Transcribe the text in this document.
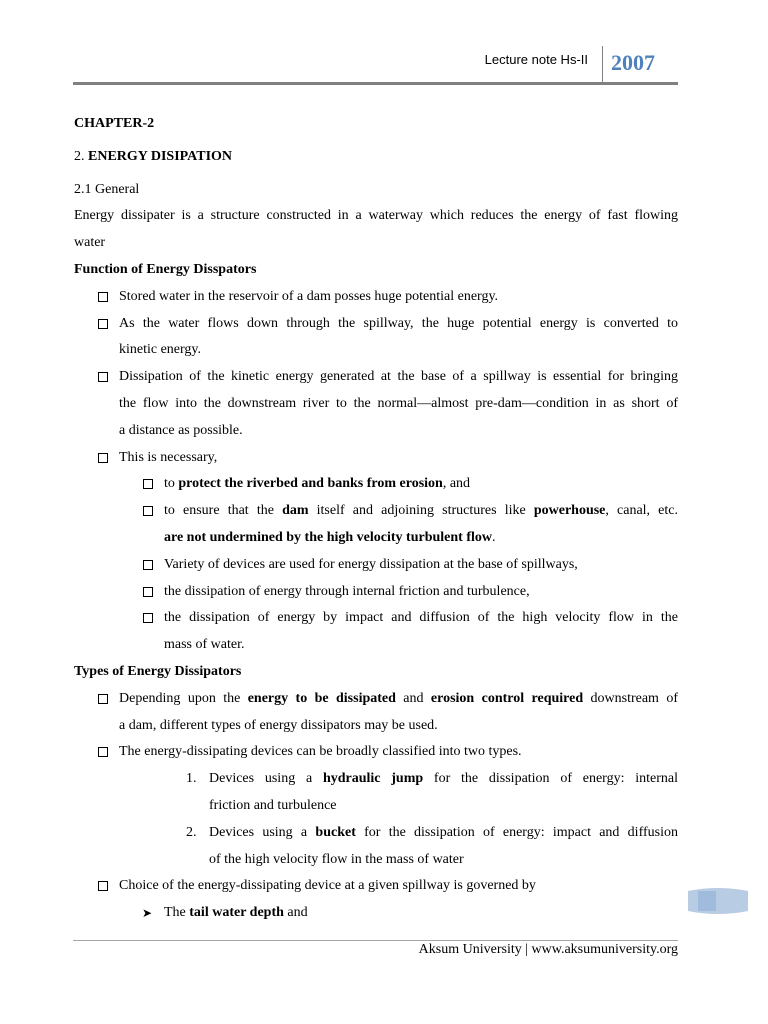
Lecture note Hs-II 2007
CHAPTER-2
2. ENERGY DISIPATION
2.1 General
Energy dissipater is a structure constructed in a waterway which reduces the energy of fast flowing
water
Function of Energy Disspators
Stored water in the reservoir of a dam posses huge potential energy.
As the water flows down through the spillway, the huge potential energy is converted to
kinetic energy.
Dissipation of the kinetic energy generated at the base of a spillway is essential for bringing
the flow into the downstream river to the normal—almost pre-dam—condition in as short of
a distance as possible.
This is necessary,
to protect the riverbed and banks from erosion, and
to ensure that the dam itself and adjoining structures like powerhouse, canal, etc.
are not undermined by the high velocity turbulent flow.
Variety of devices are used for energy dissipation at the base of spillways,
the dissipation of energy through internal friction and turbulence,
the dissipation of energy by impact and diffusion of the high velocity flow in the
mass of water.
Types of Energy Dissipators
Depending upon the energy to be dissipated and erosion control required downstream of
a dam, different types of energy dissipators may be used.
The energy-dissipating devices can be broadly classified into two types.
1. Devices using a hydraulic jump for the dissipation of energy: internal
friction and turbulence
2. Devices using a bucket for the dissipation of energy: impact and diffusion
of the high velocity flow in the mass of water
Choice of the energy-dissipating device at a given spillway is governed by
➤ The tail water depth and
Aksum University | www.aksumuniversity.org
